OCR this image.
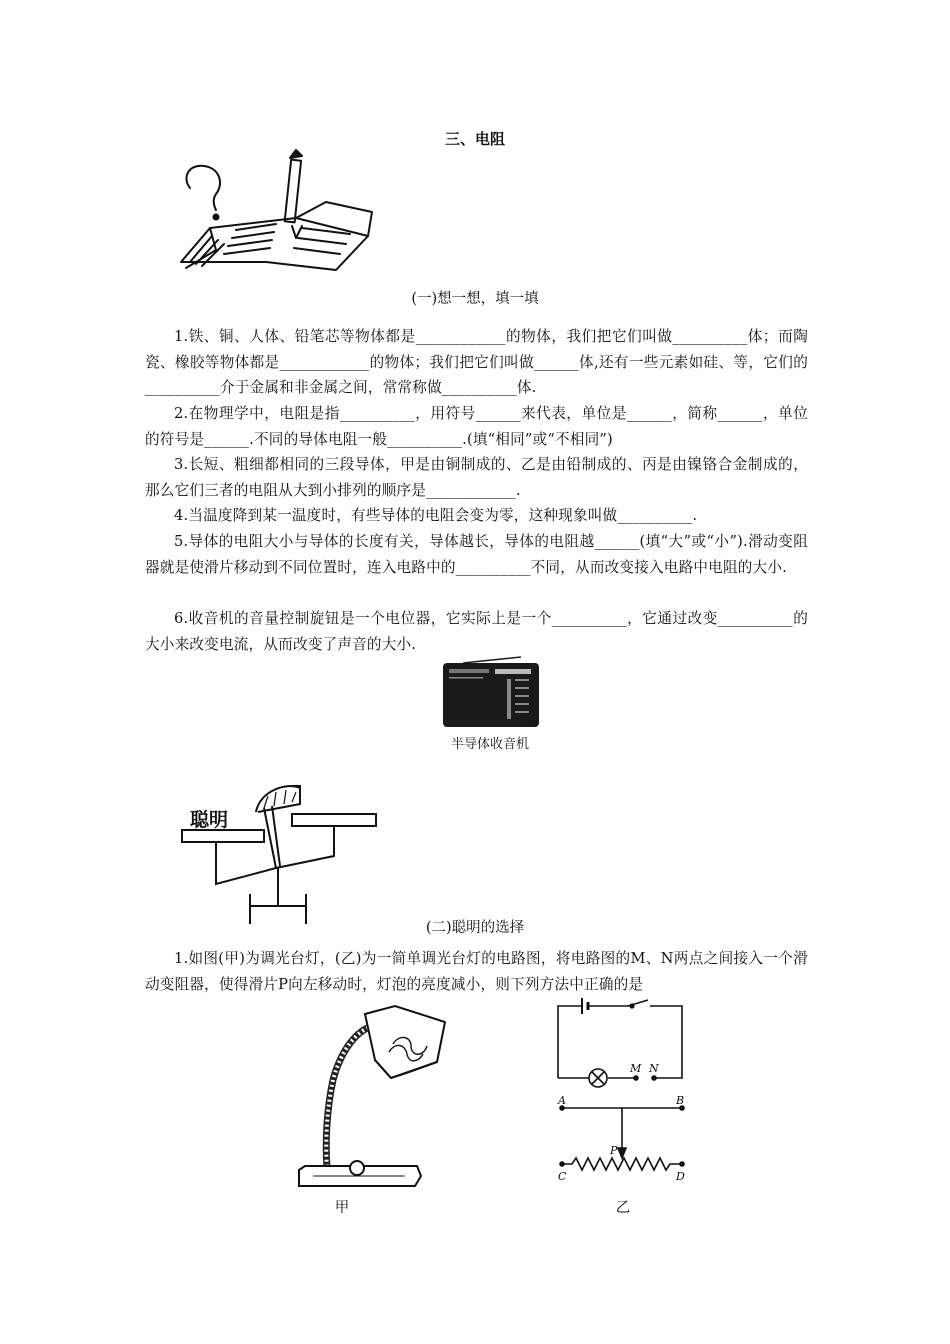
三、电阻
(一)想一想，填一填

1.铁、铜、人体、铅笔芯等物体都是____________的物体，我们把它们叫做__________体；而陶瓷、橡胶等物体都是____________的物体；我们把它们叫做______体,还有一些元素如硅、等，它们的__________介于金属和非金属之间，常常称做__________体.

2.在物理学中，电阻是指__________，用符号______来代表，单位是______，简称______，单位的符号是______.不同的导体电阻一般__________.(填“相同”或“不相同”)

3.长短、粗细都相同的三段导体，甲是由铜制成的、乙是由铅制成的、丙是由镍铬合金制成的，那么它们三者的电阻从大到小排列的顺序是____________.

4.当温度降到某一温度时，有些导体的电阻会变为零，这种现象叫做__________.

5.导体的电阻大小与导体的长度有关，导体越长，导体的电阻越______(填“大”或“小”).滑动变阻器就是使滑片移动到不同位置时，连入电路中的__________不同，从而改变接入电路中电阻的大小.

6.收音机的音量控制旋钮是一个电位器，它实际上是一个__________，它通过改变__________的大小来改变电流，从而改变了声音的大小.

半导体收音机
聪明
(二)聪明的选择

1.如图(甲)为调光台灯，(乙)为一简单调光台灯的电路图，将电路图的M、N两点之间接入一个滑动变阻器，使得滑片P向左移动时，灯泡的亮度减小，则下列方法中正确的是

甲
M N
A	B
P
C	D
乙
